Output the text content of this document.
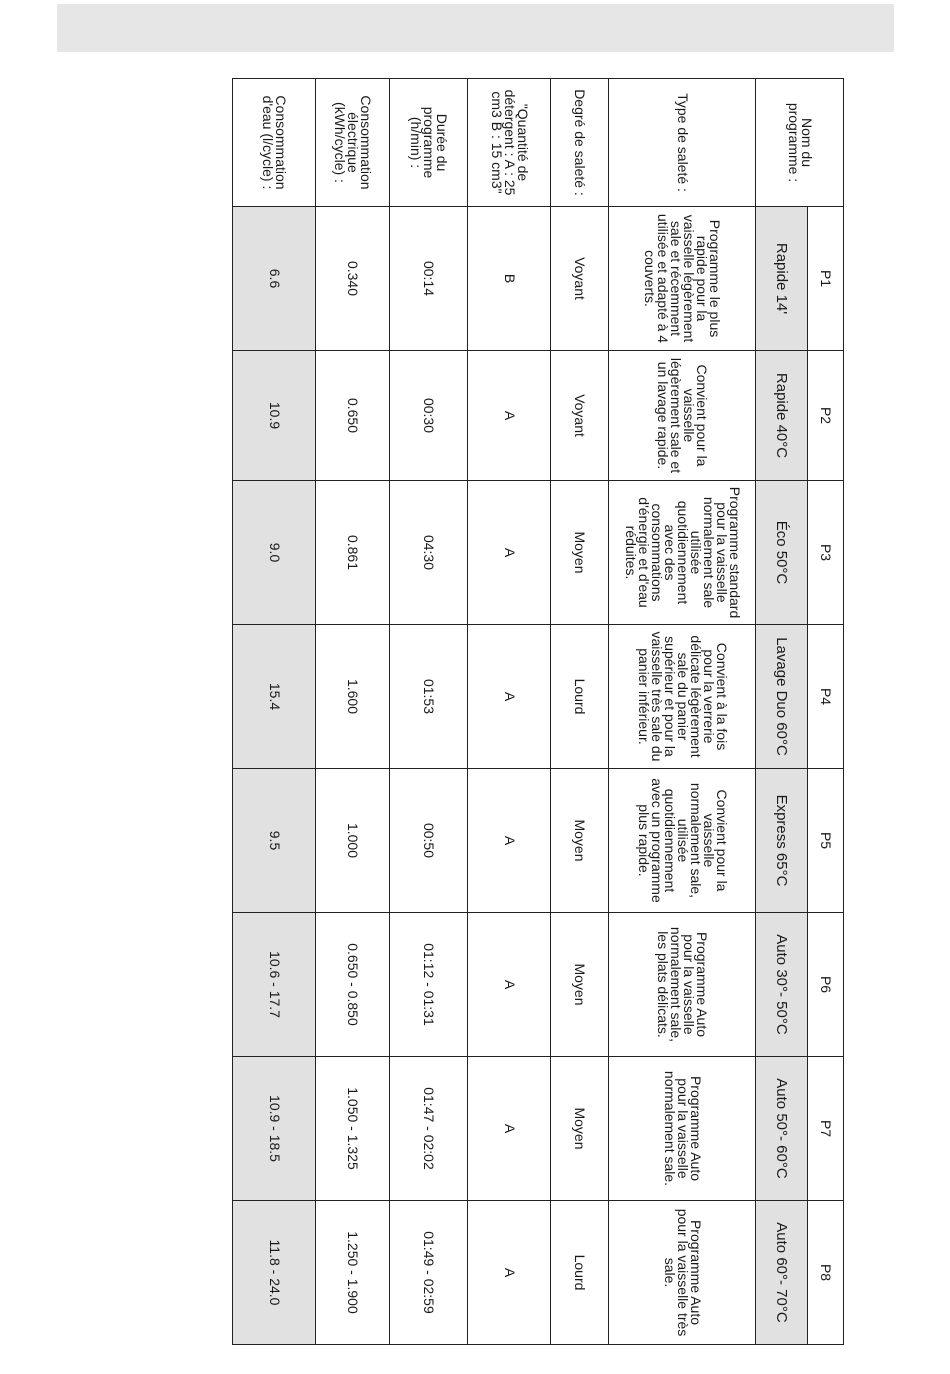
Nom du programme :	P1	P2	P3	P4	P5	P6	P7	P8
	Rapide 14'	Rapide 40°C	Éco 50°C	Lavage Duo 60°C	Express 65°C	Auto 30°- 50°C	Auto 50°- 60°C	Auto 60°- 70°C
Type de saleté :	Programme le plus rapide pour la vaisselle légèrement sale et récemment utilisée et adapté à 4 couverts.	Convient pour la vaisselle légèrement sale et un lavage rapide.	Programme standard pour la vaisselle normalement sale utilisée quotidiennement avec des consommations d'énergie et d'eau réduites.	Convient à la fois pour la verrerie délicate légèrement sale du panier supérieur et pour la vaisselle très sale du panier inférieur.	Convient pour la vaisselle normalement sale, utilisée quotidiennement avec un programme plus rapide.	Programme Auto pour la vaisselle normalement sale, les plats délicats.	Programme Auto pour la vaisselle normalement sale.	Programme Auto pour la vaisselle très sale.
Degré de saleté :	Voyant	Voyant	Moyen	Lourd	Moyen	Moyen	Moyen	Lourd
"Quantité de détergent : A : 25 cm3 B : 15 cm3"	B	A	A	A	A	A	A	A
Durée du programme (h/min) :	00:14	00:30	04:30	01:53	00:50	01:12 - 01:31	01:47 - 02:02	01:49 - 02:59
Consommation électrique (kWh/cycle) :	0.340	0.650	0.861	1.600	1.000	0.650 - 0.850	1.050 - 1.325	1.250 - 1.900
Consommation d'eau (l/cycle) :	6.6	10.9	9.0	15.4	9.5	10.6 - 17.7	10.9 - 18.5	11.8 - 24.0
